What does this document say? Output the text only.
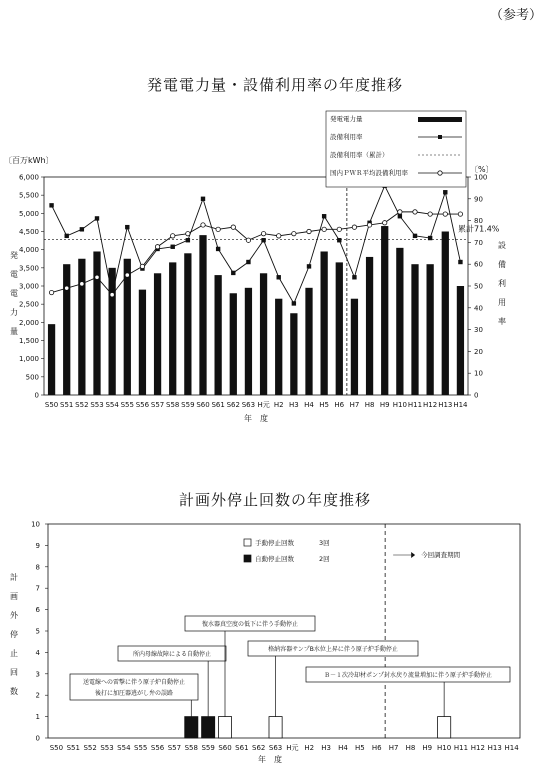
（参考）
発電電力量・設備利用率の年度推移
計画外停止回数の年度推移
0
500
1,000
1,500
2,000
2,500
3,000
3,500
4,000
4,500
5,000
5,500
6,000
0
10
20
30
40
50
60
70
80
90
100
〔百万kWh〕
〔%〕
発
電
電
力
量
設
備
利
用
率
S50 S51 S52 S53 S54 S55 S56 S57 S58 S59 S60 S61 S62 S63 H元 H2 H3 H4 H5 H6 H7 H8 H9 H10 H11 H12 H13 H14
年　度
累計71.4%
発電電力量
設備利用率
設備利用率（累計）
国内ＰＷＲ平均設備利用率
0
1
2
3
4
5
6
7
8
9
10
計
画
外
停
止
回
数
S50 S51 S52 S53 S54 S55 S56 S57 S58 S59 S60 S61 S62 S63 H元 H2 H3 H4 H5 H6 H7 H8 H9 H10 H11 H12 H13 H14
年　度
今回調査期間
手動停止回数	3回
自動停止回数	2回
送電線への雷撃に伴う原子炉自動停止
後打に加圧器逃がし弁の誤路
所内母線故障による自動停止
復水器真空度の低下に伴う手動停止
格納容器サンプB水位上昇に伴う原子炉手動停止
Ｂ－１次冷却材ポンプ封水戻り流量増加に伴う原子炉手動停止
